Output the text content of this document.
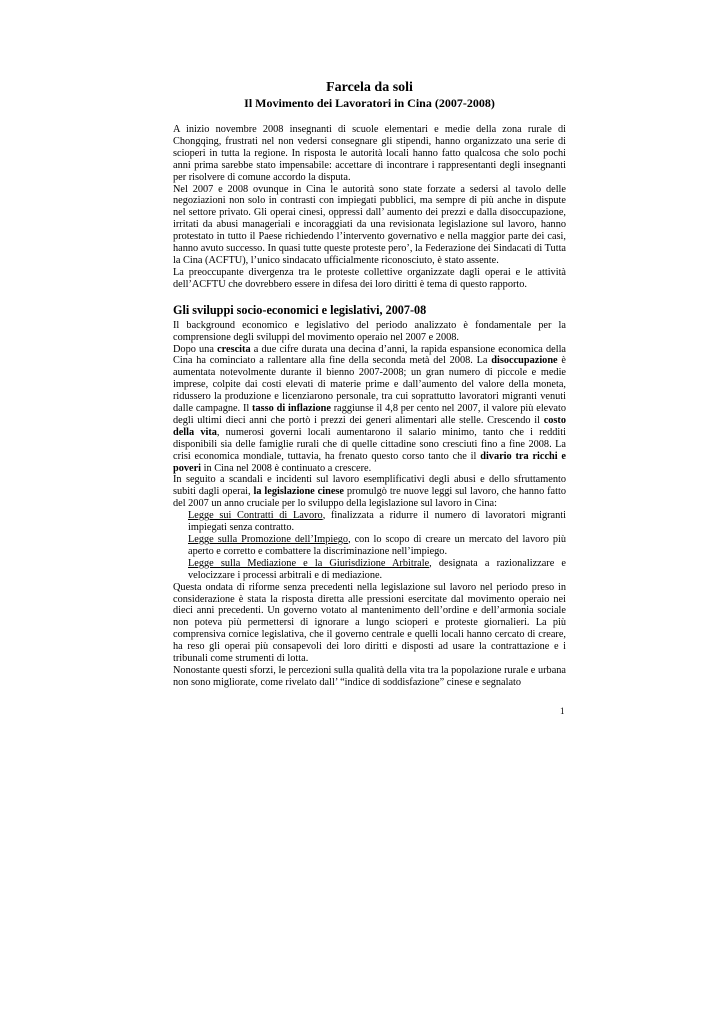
Farcela da soli

Il Movimento dei Lavoratori in Cina (2007-2008)

A inizio novembre 2008 insegnanti di scuole elementari e medie della zona rurale di Chongqing, frustrati nel non vedersi consegnare gli stipendi, hanno organizzato una serie di scioperi in tutta la regione. In risposta le autorità locali hanno fatto qualcosa che solo pochi anni prima sarebbe stato impensabile: accettare di incontrare i rappresentanti degli insegnanti per risolvere di comune accordo la disputa.

Nel 2007 e 2008 ovunque in Cina le autorità sono state forzate a sedersi al tavolo delle negoziazioni non solo in contrasti con impiegati pubblici, ma sempre di più anche in dispute nel settore privato. Gli operai cinesi, oppressi dall’ aumento dei prezzi e dalla disoccupazione, irritati da abusi manageriali e incoraggiati da una revisionata legislazione sul lavoro, hanno protestato in tutto il Paese richiedendo l’intervento governativo e nella maggior parte dei casi, hanno avuto successo. In quasi tutte queste proteste pero’, la Federazione dei Sindacati di Tutta la Cina (ACFTU), l’unico sindacato ufficialmente riconosciuto, è stato assente.

La preoccupante divergenza tra le proteste collettive organizzate dagli operai e le attività dell’ACFTU che dovrebbero essere in difesa dei loro diritti è tema di questo rapporto.

Gli sviluppi socio-economici e legislativi, 2007-08

Il background economico e legislativo del periodo analizzato è fondamentale per la comprensione degli sviluppi del movimento operaio nel 2007 e 2008.

Dopo una crescita a due cifre durata una decina d’anni, la rapida espansione economica della Cina ha cominciato a rallentare alla fine della seconda metà del 2008. La disoccupazione è aumentata notevolmente durante il bienno 2007-2008; un gran numero di piccole e medie imprese, colpite dai costi elevati di materie prime e dall’aumento del valore della moneta, ridussero la produzione e licenziarono personale, tra cui soprattutto lavoratori migranti venuti dalle campagne. Il tasso di inflazione raggiunse il 4,8 per cento nel 2007, il valore più elevato degli ultimi dieci anni che portò i prezzi dei generi alimentari alle stelle. Crescendo il costo della vita, numerosi governi locali aumentarono il salario minimo, tanto che i redditi disponibili sia delle famiglie rurali che di quelle cittadine sono cresciuti fino a fine 2008. La crisi economica mondiale, tuttavia, ha frenato questo corso tanto che il divario tra ricchi e poveri in Cina nel 2008 è continuato a crescere.

In seguito a scandali e incidenti sul lavoro esemplificativi degli abusi e dello sfruttamento subiti dagli operai, la legislazione cinese promulgò tre nuove leggi sul lavoro, che hanno fatto del 2007 un anno cruciale per lo sviluppo della legislazione sul lavoro in Cina:

Legge sui Contratti di Lavoro, finalizzata a ridurre il numero di lavoratori migranti impiegati senza contratto.

Legge sulla Promozione dell’Impiego, con lo scopo di creare un mercato del lavoro più aperto e corretto e combattere la discriminazione nell’impiego.

Legge sulla Mediazione e la Giurisdizione Arbitrale, designata a razionalizzare e velocizzare i processi arbitrali e di mediazione.

Questa ondata di riforme senza precedenti nella legislazione sul lavoro nel periodo preso in considerazione è stata la risposta diretta alle pressioni esercitate dal movimento operaio nei dieci anni precedenti. Un governo votato al mantenimento dell’ordine e dell’armonia sociale non poteva più permettersi di ignorare a lungo scioperi e proteste giornalieri. La più comprensiva cornice legislativa, che il governo centrale e quelli locali hanno cercato di creare, ha reso gli operai più consapevoli dei loro diritti e disposti ad usare la contrattazione e i tribunali come strumenti di lotta.

Nonostante questi sforzi, le percezioni sulla qualità della vita tra la popolazione rurale e urbana non sono migliorate, come rivelato dall’ “indice di soddisfazione” cinese e segnalato

1
